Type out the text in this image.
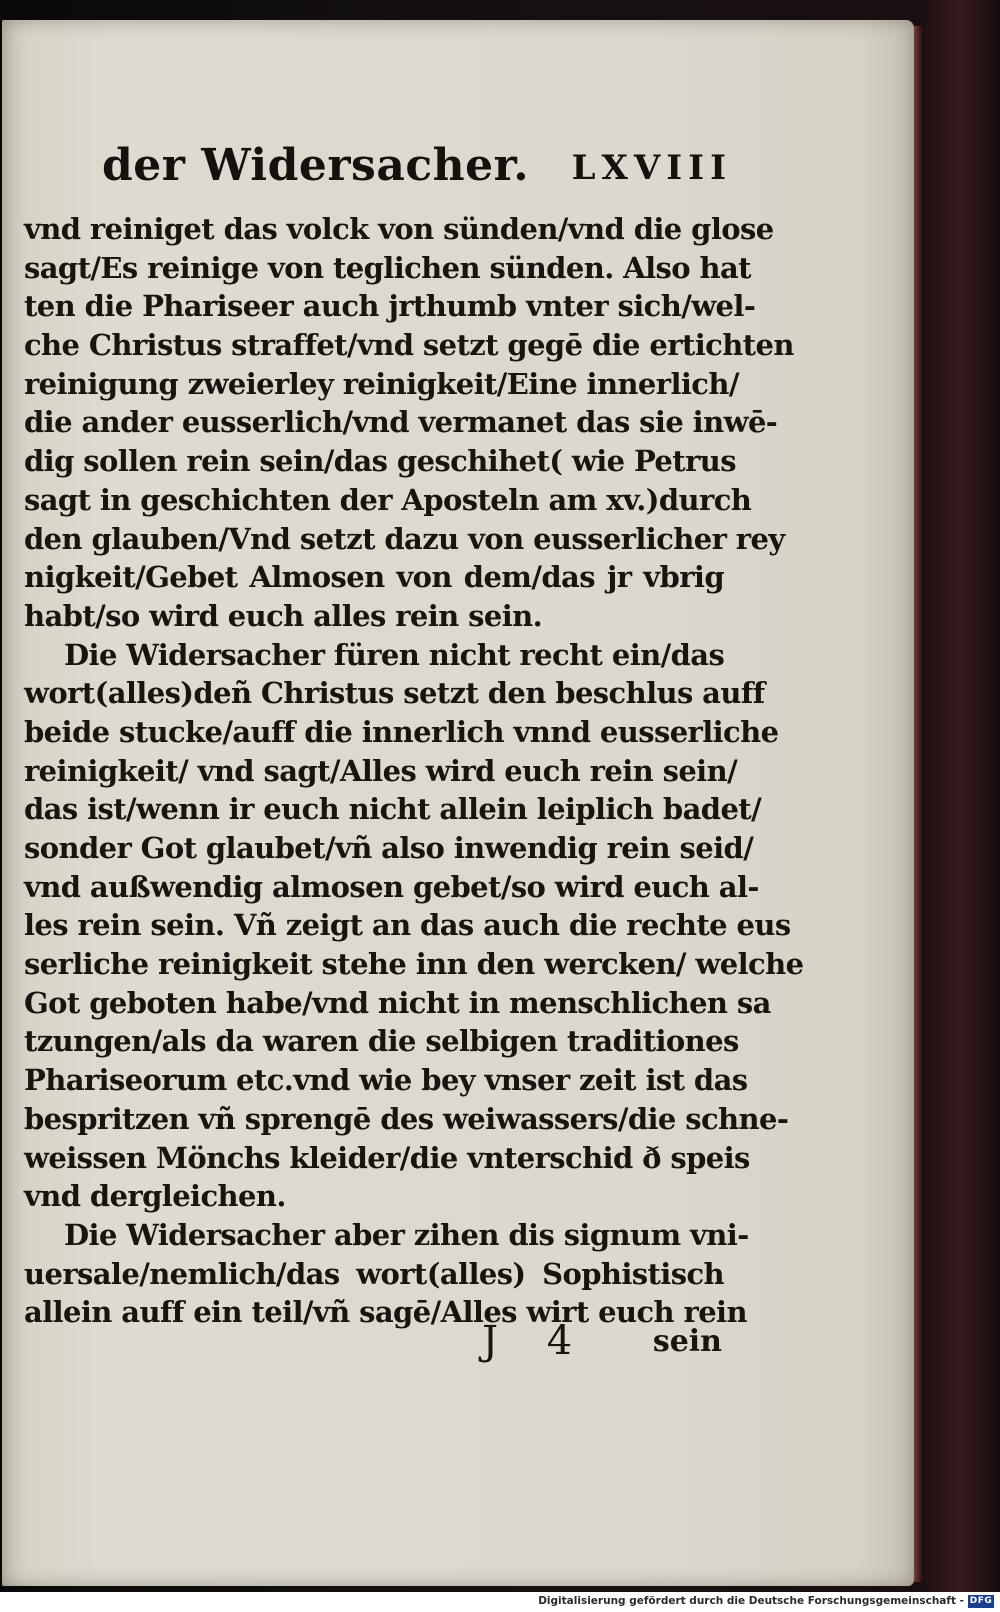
der Widersacher. LXVIII
vnd reiniget das volck von sünden/vnd die glose
sagt/Es reinige von teglichen sünden. Also hat
ten die Phariseer auch jrthumb vnter sich/wel-
che Christus straffet/vnd setzt gegē die ertichten
reinigung zweierley reinigkeit/Eine innerlich/
die ander eusserlich/vnd vermanet das sie inwē-
dig sollen rein sein/das geschihet( wie Petrus
sagt in geschichten der Aposteln am xv.)durch
den glauben/Vnd setzt dazu von eusserlicher rey
nigkeit/Gebet Almosen von dem/das jr vbrig
habt/so wird euch alles rein sein.
Die Widersacher füren nicht recht ein/das
wort(alles)deñ Christus setzt den beschlus auff
beide stucke/auff die innerlich vnnd eusserliche
reinigkeit/ vnd sagt/Alles wird euch rein sein/
das ist/wenn ir euch nicht allein leiplich badet/
sonder Got glaubet/vñ also inwendig rein seid/
vnd außwendig almosen gebet/so wird euch al-
les rein sein. Vñ zeigt an das auch die rechte eus
serliche reinigkeit stehe inn den wercken/ welche
Got geboten habe/vnd nicht in menschlichen sa
tzungen/als da waren die selbigen traditiones
Phariseorum etc.vnd wie bey vnser zeit ist das
bespritzen vñ sprengē des weiwassers/die schne-
weissen Mönchs kleider/die vnterschid ð speis
vnd dergleichen.
Die Widersacher aber zihen dis signum vni-
uersale/nemlich/das wort(alles) Sophistisch
allein auff ein teil/vñ sagē/Alles wirt euch rein
J 4 sein
Digitalisierung gefördert durch die Deutsche Forschungsgemeinschaft - DFG
